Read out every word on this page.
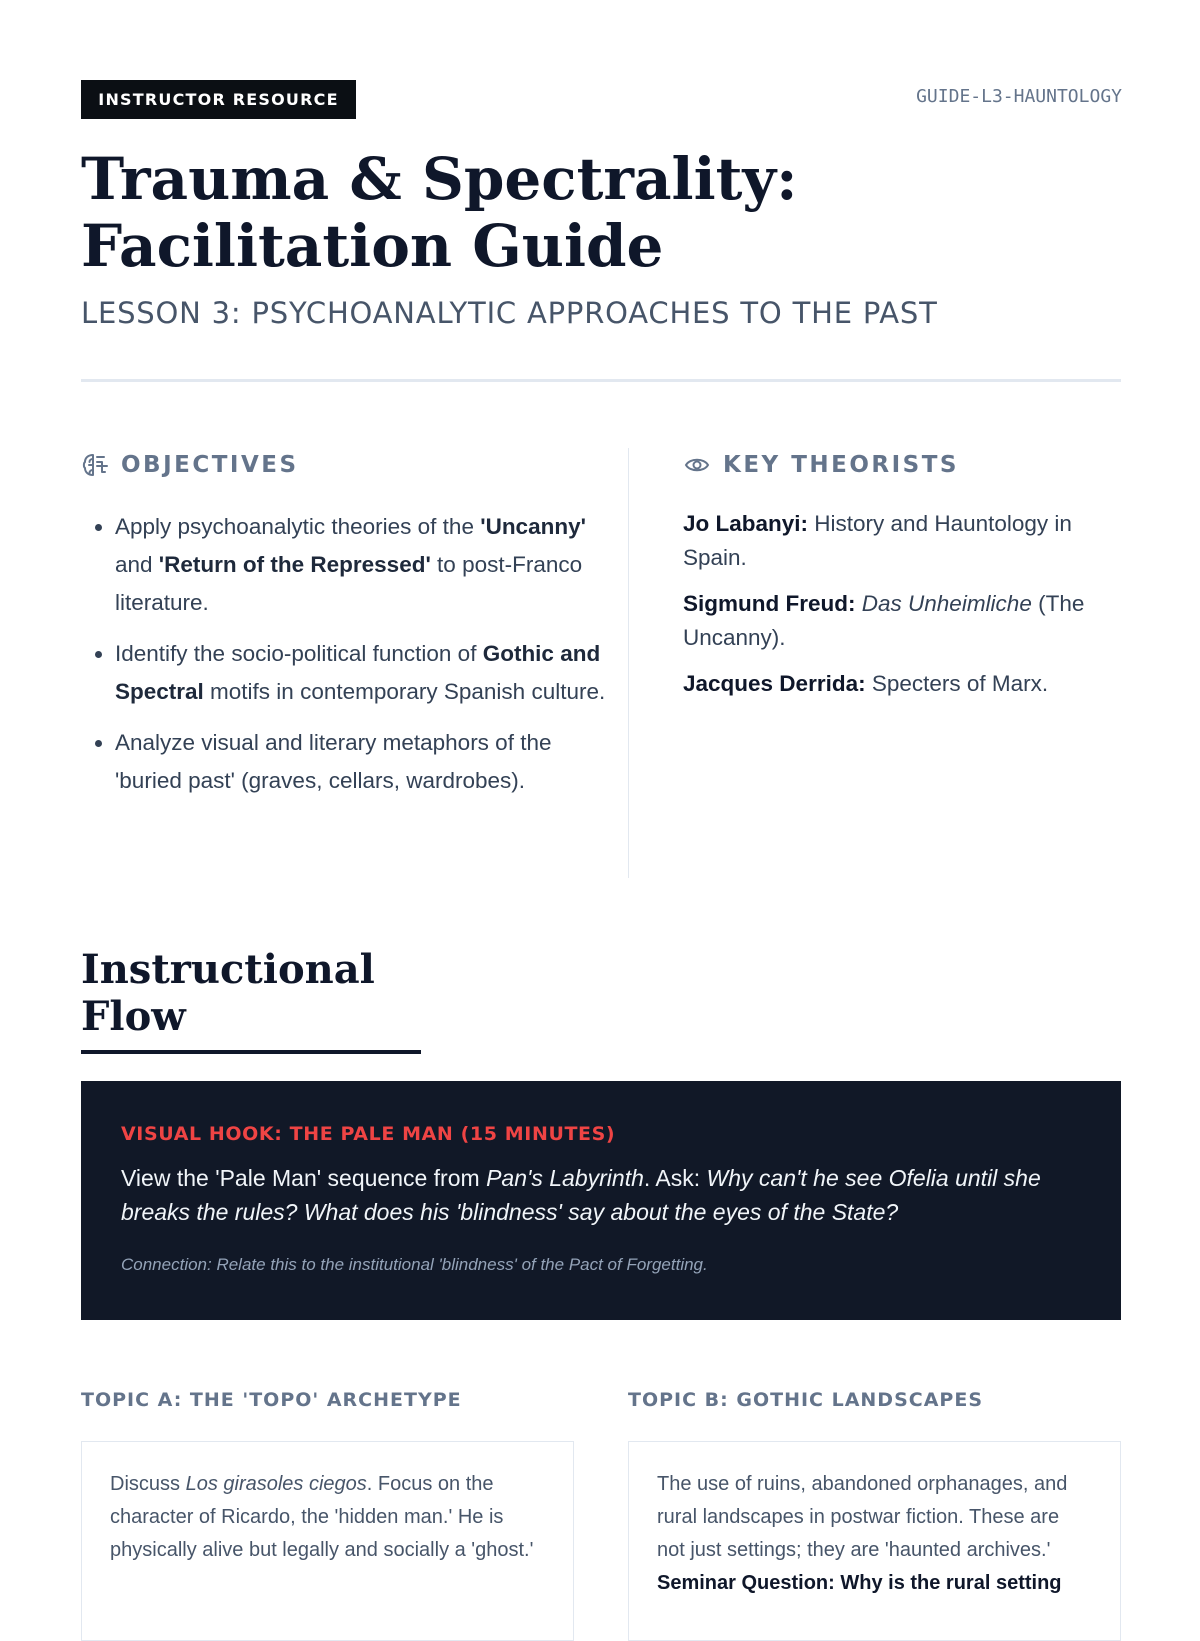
INSTRUCTOR RESOURCE	GUIDE-L3-HAUNTOLOGY
Trauma & Spectrality: Facilitation Guide
LESSON 3: PSYCHOANALYTIC APPROACHES TO THE PAST
OBJECTIVES
• Apply psychoanalytic theories of the 'Uncanny' and 'Return of the Repressed' to post-Franco literature.
• Identify the socio-political function of Gothic and Spectral motifs in contemporary Spanish culture.
• Analyze visual and literary metaphors of the 'buried past' (graves, cellars, wardrobes).
KEY THEORISTS

Jo Labanyi: History and Hauntology in Spain.

Sigmund Freud: Das Unheimliche (The Uncanny).

Jacques Derrida: Specters of Marx.

Instructional Flow
VISUAL HOOK: THE PALE MAN (15 MINUTES)
View the 'Pale Man' sequence from Pan's Labyrinth. Ask: Why can't he see Ofelia until she breaks the rules? What does his 'blindness' say about the eyes of the State?
Connection: Relate this to the institutional 'blindness' of the Pact of Forgetting.
TOPIC A: THE 'TOPO' ARCHETYPE
Discuss Los girasoles ciegos. Focus on the character of Ricardo, the 'hidden man.' He is physically alive but legally and socially a 'ghost.'
TOPIC B: GOTHIC LANDSCAPES
The use of ruins, abandoned orphanages, and rural landscapes in postwar fiction. These are not just settings; they are 'haunted archives.'
Seminar Question: Why is the rural setting
